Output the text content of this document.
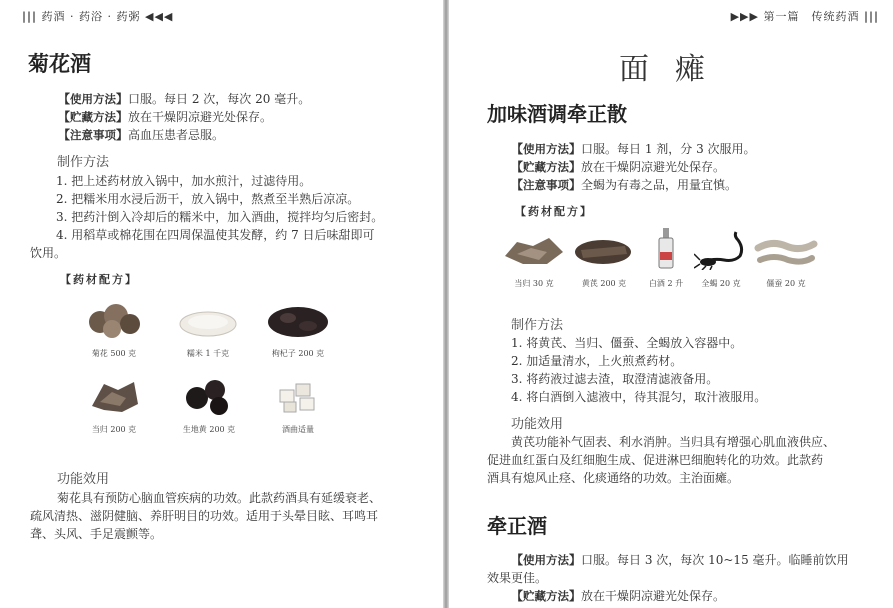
||| 药酒 · 药浴 · 药粥 ◀◀◀
菊花酒
【使用方法】口服。每日 2 次，每次 20 毫升。
【贮藏方法】放在干燥阴凉避光处保存。
【注意事项】高血压患者忌服。
制作方法
1. 把上述药材放入锅中，加水煎汁，过滤待用。
2. 把糯米用水浸后沥干，放入锅中，熬煮至半熟后凉凉。
3. 把药汁倒入冷却后的糯米中，加入酒曲，搅拌均匀后密封。
4. 用稻草或棉花围在四周保温使其发酵，约 7 日后味甜即可
饮用。
【药材配方】
菊花 500 克	糯米 1 千克	枸杞子 200 克
当归 200 克	生地黄 200 克	酒曲适量
功能效用
菊花具有预防心脑血管疾病的功效。此款药酒具有延缓衰老、
疏风清热、滋阴健脑、养肝明目的功效。适用于头晕目眩、耳鸣耳
聋、头风、手足震颤等。
▶▶▶ 第一篇　传统药酒 |||
面瘫
加味酒调牵正散
【使用方法】口服。每日 1 剂，分 3 次服用。
【贮藏方法】放在干燥阴凉避光处保存。
【注意事项】全蝎为有毒之品，用量宜慎。
【药材配方】
当归 30 克	黄芪 200 克	白酒 2 升	全蝎 20 克	僵蚕 20 克
制作方法
1. 将黄芪、当归、僵蚕、全蝎放入容器中。
2. 加适量清水，上火煎煮药材。
3. 将药液过滤去渣，取澄清滤液备用。
4. 将白酒倒入滤液中，待其混匀，取汁液服用。
功能效用
黄芪功能补气固表、利水消肿。当归具有增强心肌血液供应、
促进血红蛋白及红细胞生成、促进淋巴细胞转化的功效。此款药
酒具有熄风止痉、化痰通络的功效。主治面瘫。
牵正酒
【使用方法】口服。每日 3 次，每次 10~15 毫升。临睡前饮用
效果更佳。
【贮藏方法】放在干燥阴凉避光处保存。
